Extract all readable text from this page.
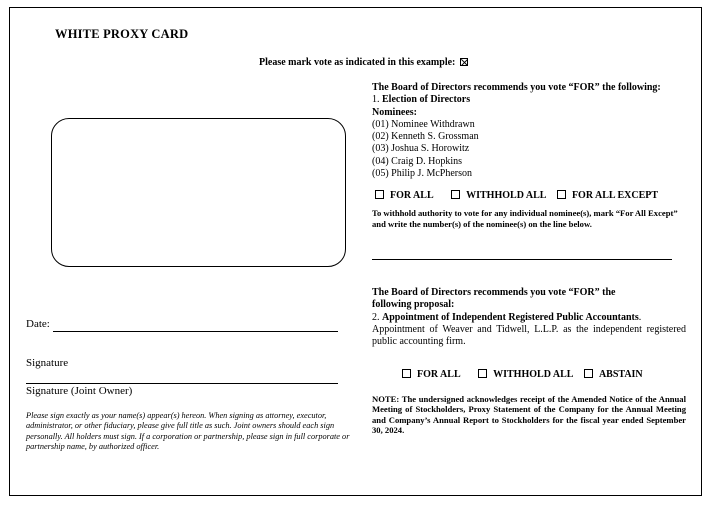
WHITE PROXY CARD
Please mark vote as indicated in this example:
The Board of Directors recommends you vote “FOR” the following:
1. Election of Directors
Nominees:
(01) Nominee Withdrawn
(02) Kenneth S. Grossman
(03) Joshua S. Horowitz
(04) Craig D. Hopkins
(05) Philip J. McPherson
FOR ALL	WITHHOLD ALL	FOR ALL EXCEPT
To withhold authority to vote for any individual nominee(s), mark “For All Except” and write the number(s) of the nominee(s) on the line below.
The Board of Directors recommends you vote “FOR” the
following proposal:
2. Appointment of Independent Registered Public Accountants.
Appointment of Weaver and Tidwell, L.L.P. as the independent registered public accounting firm.
FOR ALL	WITHHOLD ALL	ABSTAIN
Date:
Signature
Signature (Joint Owner)
Please sign exactly as your name(s) appear(s) hereon. When signing as attorney, executor, administrator, or other fiduciary, please give full title as such. Joint owners should each sign personally. All holders must sign. If a corporation or partnership, please sign in full corporate or partnership name, by authorized officer.
NOTE: The undersigned acknowledges receipt of the Amended Notice of the Annual Meeting of Stockholders, Proxy Statement of the Company for the Annual Meeting and Company’s Annual Report to Stockholders for the fiscal year ended September 30, 2024.
